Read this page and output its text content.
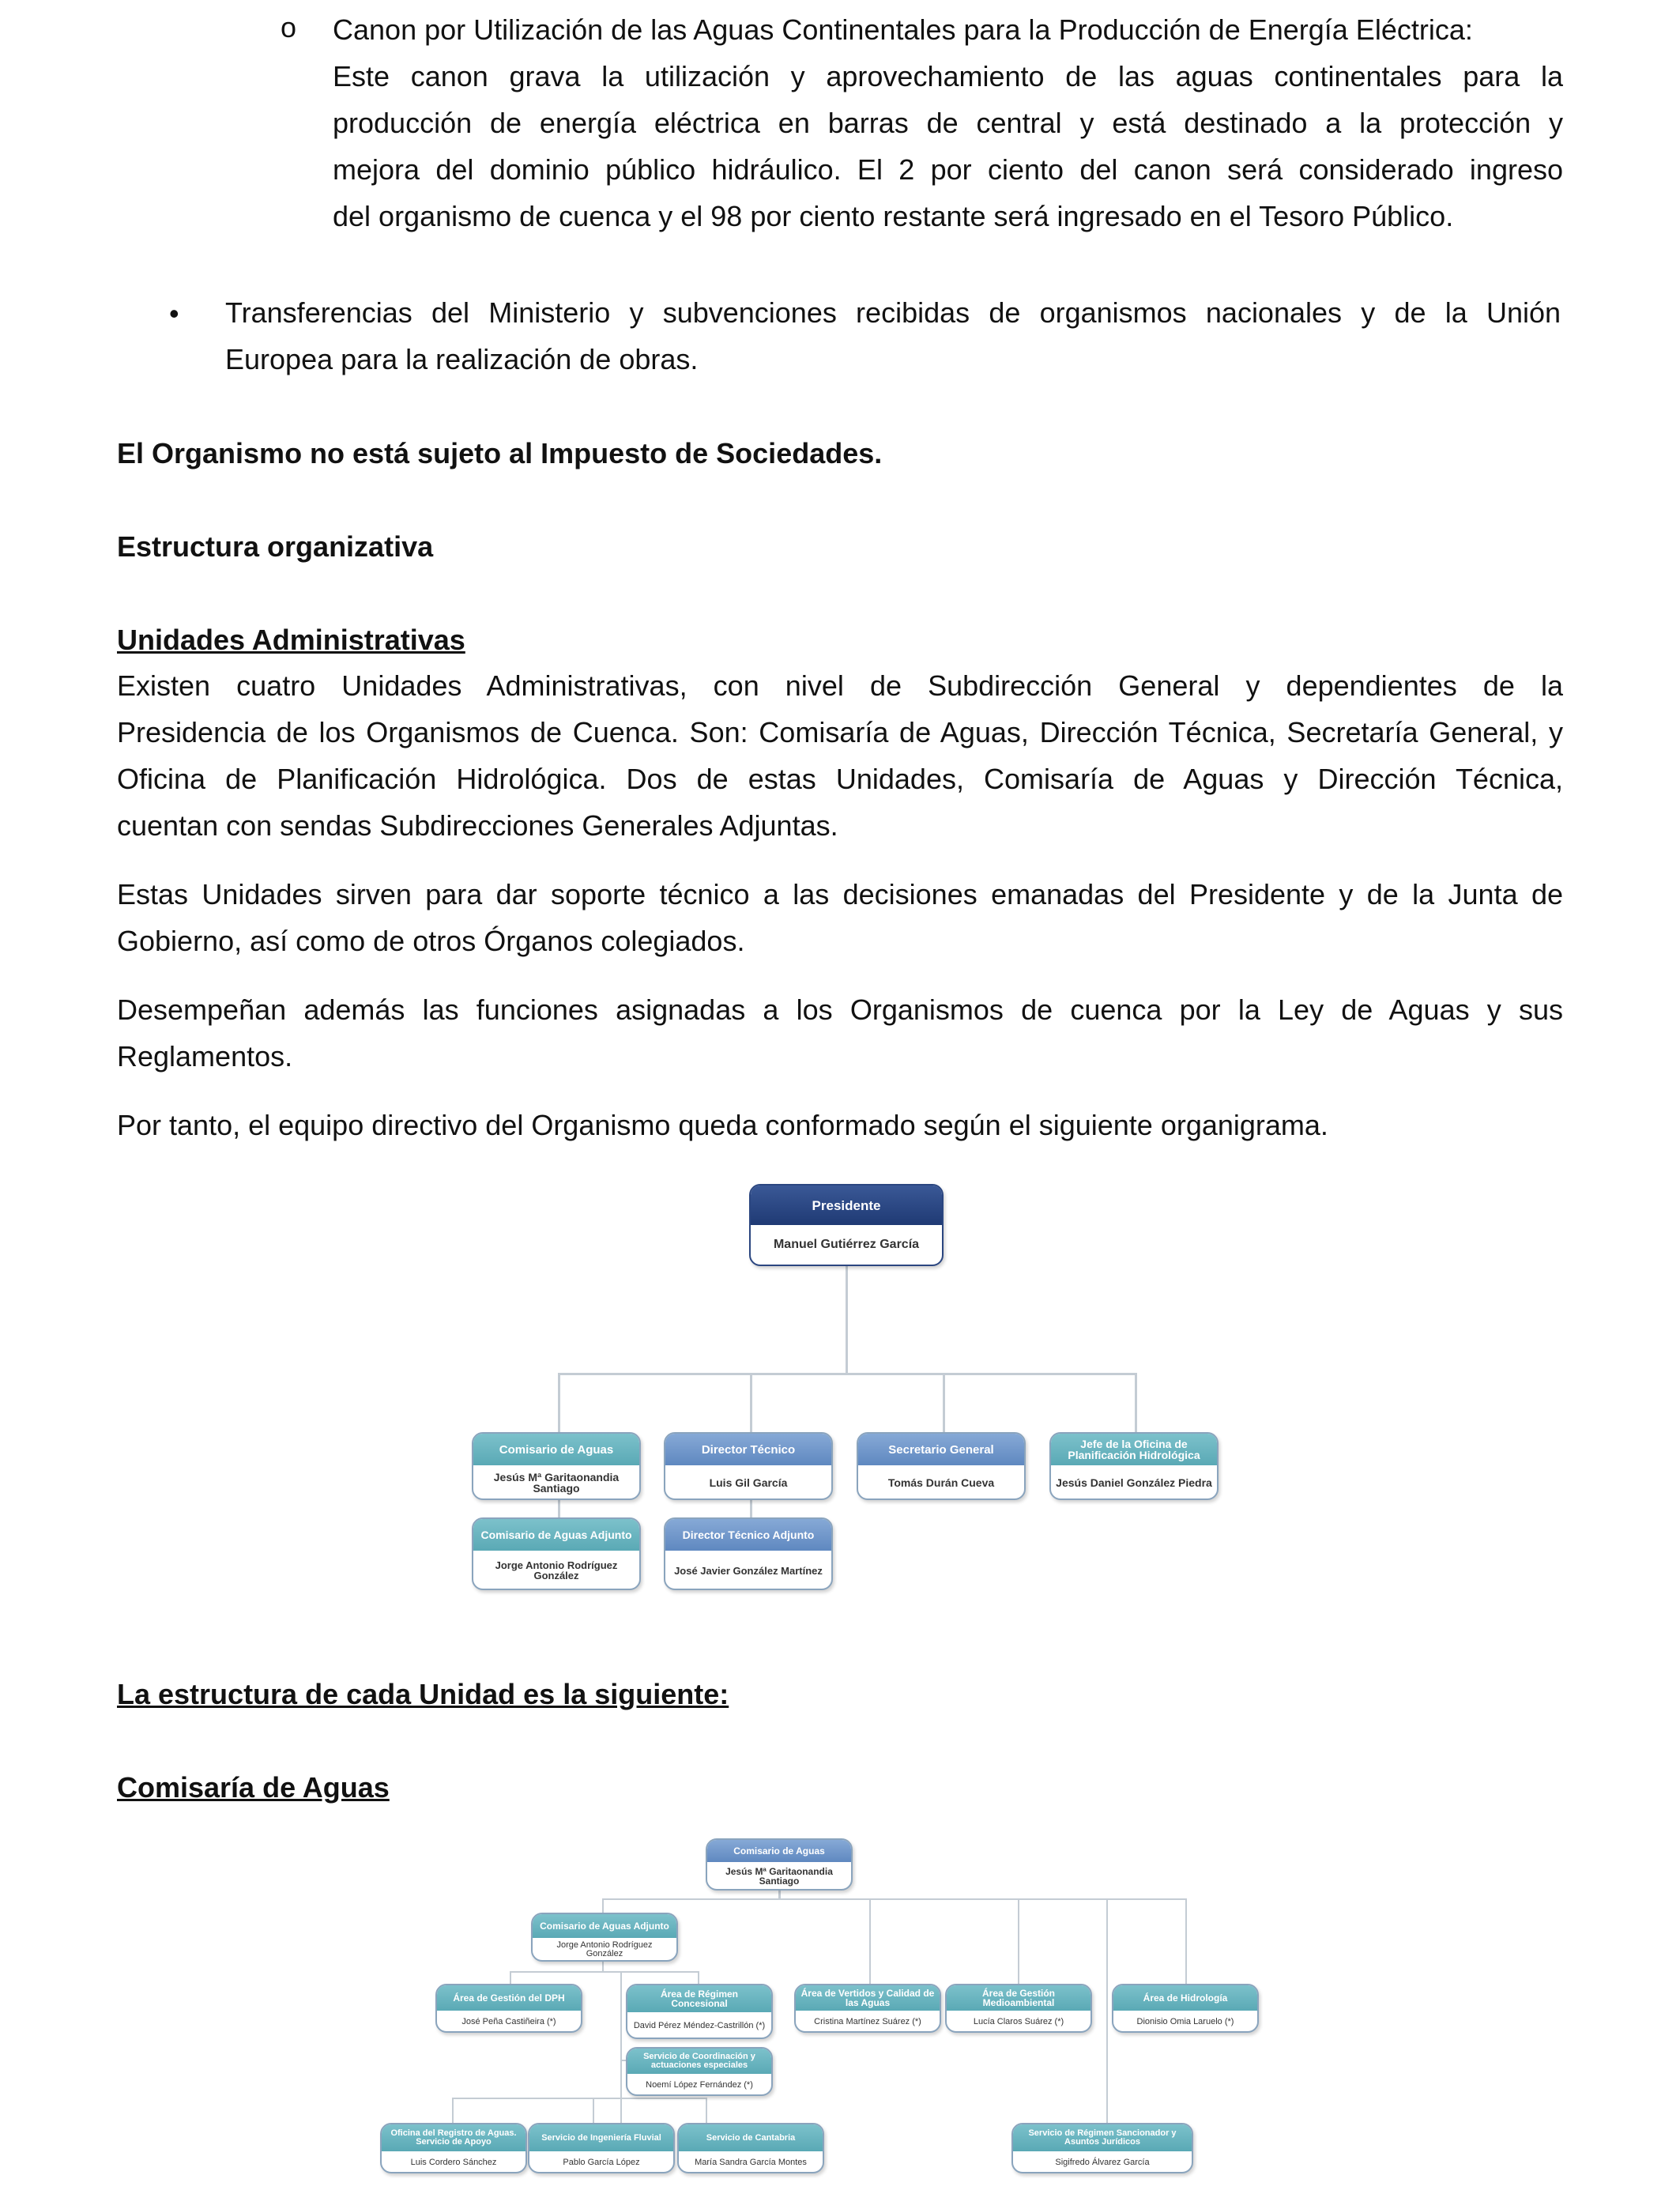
o Canon por Utilización de las Aguas Continentales para la Producción de Energía Eléctrica:

Este canon grava la utilización y aprovechamiento de las aguas continentales para la

producción de energía eléctrica en barras de central y está destinado a la protección y

mejora del dominio público hidráulico. El 2 por ciento del canon será considerado ingreso

del organismo de cuenca y el 98 por ciento restante será ingresado en el Tesoro Público.

• Transferencias del Ministerio y subvenciones recibidas de organismos nacionales y de la Unión

Europea para la realización de obras.

El Organismo no está sujeto al Impuesto de Sociedades.

Estructura organizativa

Unidades Administrativas

Existen cuatro Unidades Administrativas, con nivel de Subdirección General y dependientes de la

Presidencia de los Organismos de Cuenca. Son: Comisaría de Aguas, Dirección Técnica, Secretaría General, y

Oficina de Planificación Hidrológica. Dos de estas Unidades, Comisaría de Aguas y Dirección Técnica,

cuentan con sendas Subdirecciones Generales Adjuntas.

Estas Unidades sirven para dar soporte técnico a las decisiones emanadas del Presidente y de la Junta de

Gobierno, así como de otros Órganos colegiados.

Desempeñan además las funciones asignadas a los Organismos de cuenca por la Ley de Aguas y sus

Reglamentos.

Por tanto, el equipo directivo del Organismo queda conformado según el siguiente organigrama.

Presidente
Manuel Gutiérrez García
Comisario de Aguas
Jesús Mª Garitaonandia Santiago
Director Técnico
Luis Gil García
Secretario General
Tomás Durán Cueva
Jefe de la Oficina de Planificación Hidrológica
Jesús Daniel González Piedra
Comisario de Aguas Adjunto
Jorge Antonio Rodríguez González
Director Técnico Adjunto
José Javier González Martínez

La estructura de cada Unidad es la siguiente:

Comisaría de Aguas

Comisario de Aguas
Jesús Mª Garitaonandia Santiago
Comisario de Aguas Adjunto
Jorge Antonio Rodríguez González
Área de Gestión del DPH
José Peña Castiñeira (*)
Área de Régimen Concesional
David Pérez Méndez-Castrillón (*)
Área de Vertidos y Calidad de las Aguas
Cristina Martínez Suárez (*)
Área de Gestión Medioambiental
Lucía Claros Suárez (*)
Área de Hidrología
Dionisio Omia Laruelo (*)
Servicio de Coordinación y actuaciones especiales
Noemí López Fernández (*)
Oficina del Registro de Aguas. Servicio de Apoyo
Luis Cordero Sánchez
Servicio de Ingeniería Fluvial
Pablo García López
Servicio de Cantabria
María Sandra García Montes
Servicio de Régimen Sancionador y Asuntos Jurídicos
Sigifredo Álvarez García
